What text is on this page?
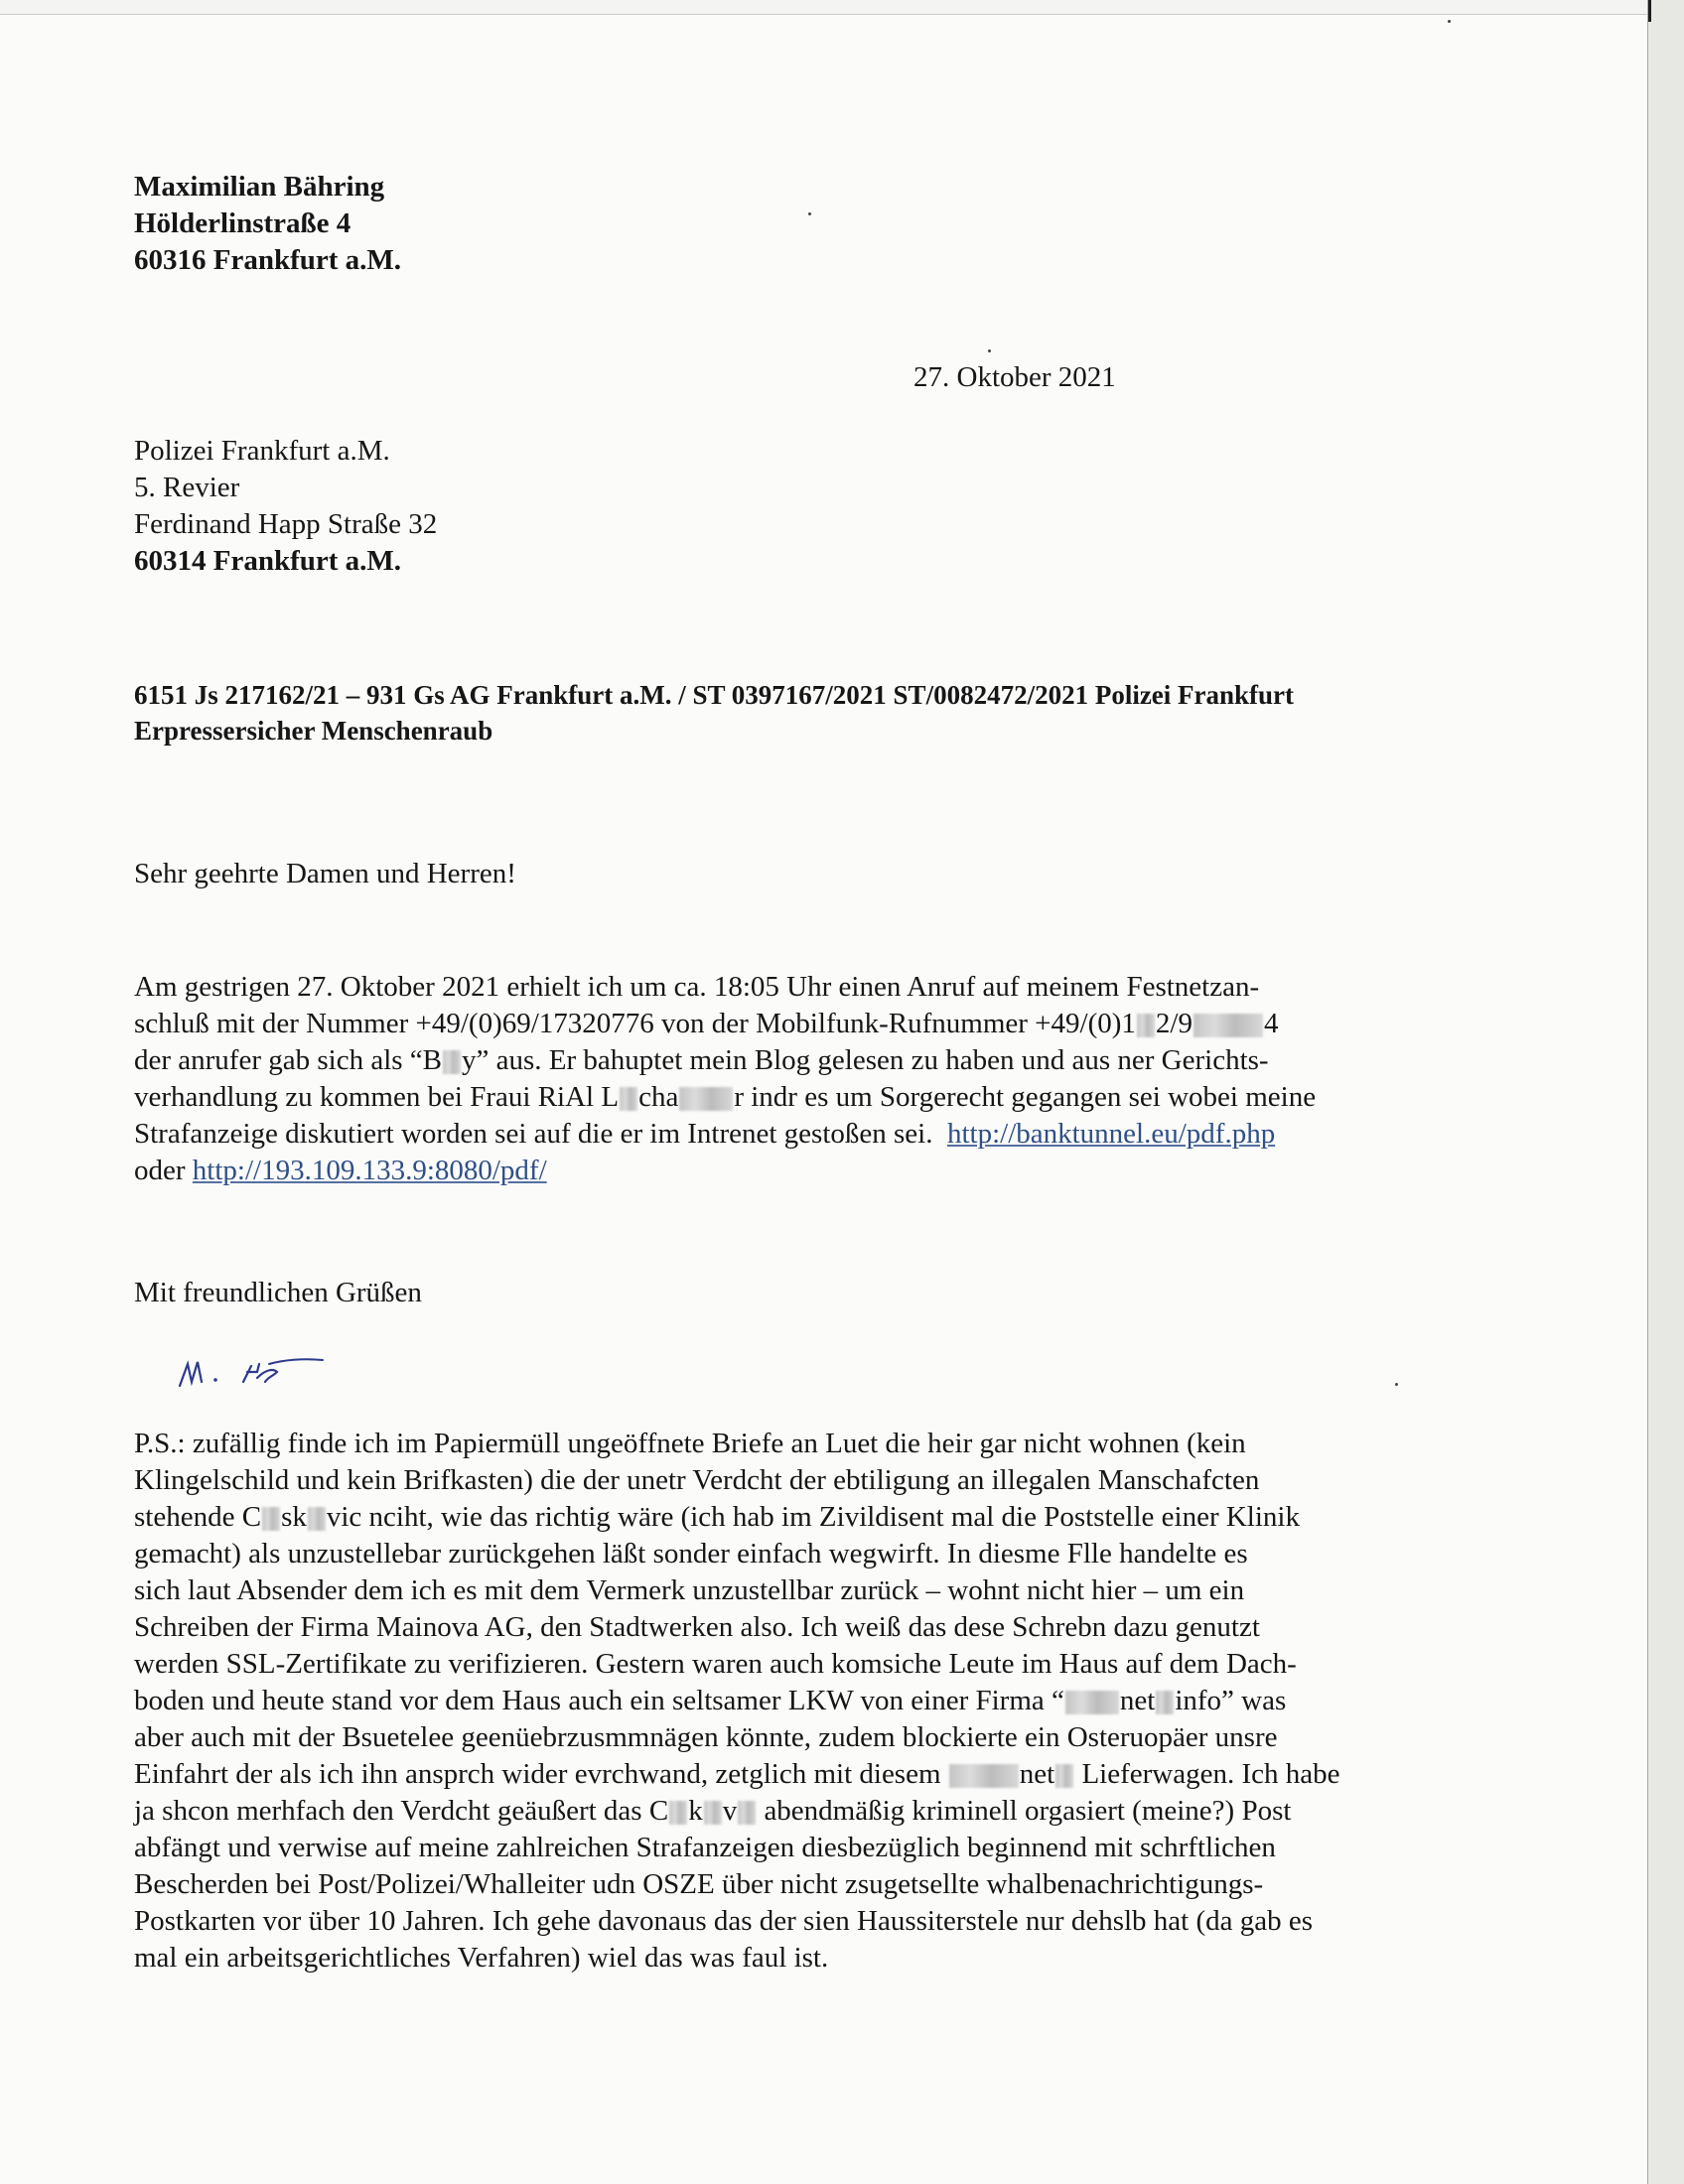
Maximilian Bähring
Hölderlinstraße 4
60316 Frankfurt a.M.
27. Oktober 2021
Polizei Frankfurt a.M.
5. Revier
Ferdinand Happ Straße 32
60314 Frankfurt a.M.
6151 Js 217162/21 – 931 Gs AG Frankfurt a.M. / ST 0397167/2021 ST/0082472/2021 Polizei Frankfurt
Erpressersicher Menschenraub
Sehr geehrte Damen und Herren!
Am gestrigen 27. Oktober 2021 erhielt ich um ca. 18:05 Uhr einen Anruf auf meinem Festnetzan-
schluß mit der Nummer +49/(0)69/17320776 von der Mobilfunk-Rufnummer +49/(0)1 2/9 4
der anrufer gab sich als “B y” aus. Er bahuptet mein Blog gelesen zu haben und aus ner Gerichts-
verhandlung zu kommen bei Fraui RiAl L cha r indr es um Sorgerecht gegangen sei wobei meine
Strafanzeige diskutiert worden sei auf die er im Intrenet gestoßen sei. http://banktunnel.eu/pdf.php
oder http://193.109.133.9:8080/pdf/
Mit freundlichen Grüßen
P.S.: zufällig finde ich im Papiermüll ungeöffnete Briefe an Luet die heir gar nicht wohnen (kein
Klingelschild und kein Brifkasten) die der unetr Verdcht der ebtiligung an illegalen Manschafcten
stehende C sk vic nciht, wie das richtig wäre (ich hab im Zivildisent mal die Poststelle einer Klinik
gemacht) als unzustellebar zurückgehen läßt sonder einfach wegwirft. In diesme Flle handelte es
sich laut Absender dem ich es mit dem Vermerk unzustellbar zurück – wohnt nicht hier – um ein
Schreiben der Firma Mainova AG, den Stadtwerken also. Ich weiß das dese Schrebn dazu genutzt
werden SSL-Zertifikate zu verifizieren. Gestern waren auch komsiche Leute im Haus auf dem Dach-
boden und heute stand vor dem Haus auch ein seltsamer LKW von einer Firma “ net info” was
aber auch mit der Bsuetelee geenüebrzusmmnägen könnte, zudem blockierte ein Osteruopäer unsre
Einfahrt der als ich ihn ansprch wider evrchwand, zetglich mit diesem	net Lieferwagen. Ich habe
ja shcon merhfach den Verdcht geäußert das C k v abendmäßig kriminell orgasiert (meine?) Post
abfängt und verwise auf meine zahlreichen Strafanzeigen diesbezüglich beginnend mit schrftlichen
Bescherden bei Post/Polizei/Whalleiter udn OSZE über nicht zsugetsellte whalbenachrichtigungs-
Postkarten vor über 10 Jahren. Ich gehe davonaus das der sien Haussiterstele nur dehslb hat (da gab es
mal ein arbeitsgerichtliches Verfahren) wiel das was faul ist.
